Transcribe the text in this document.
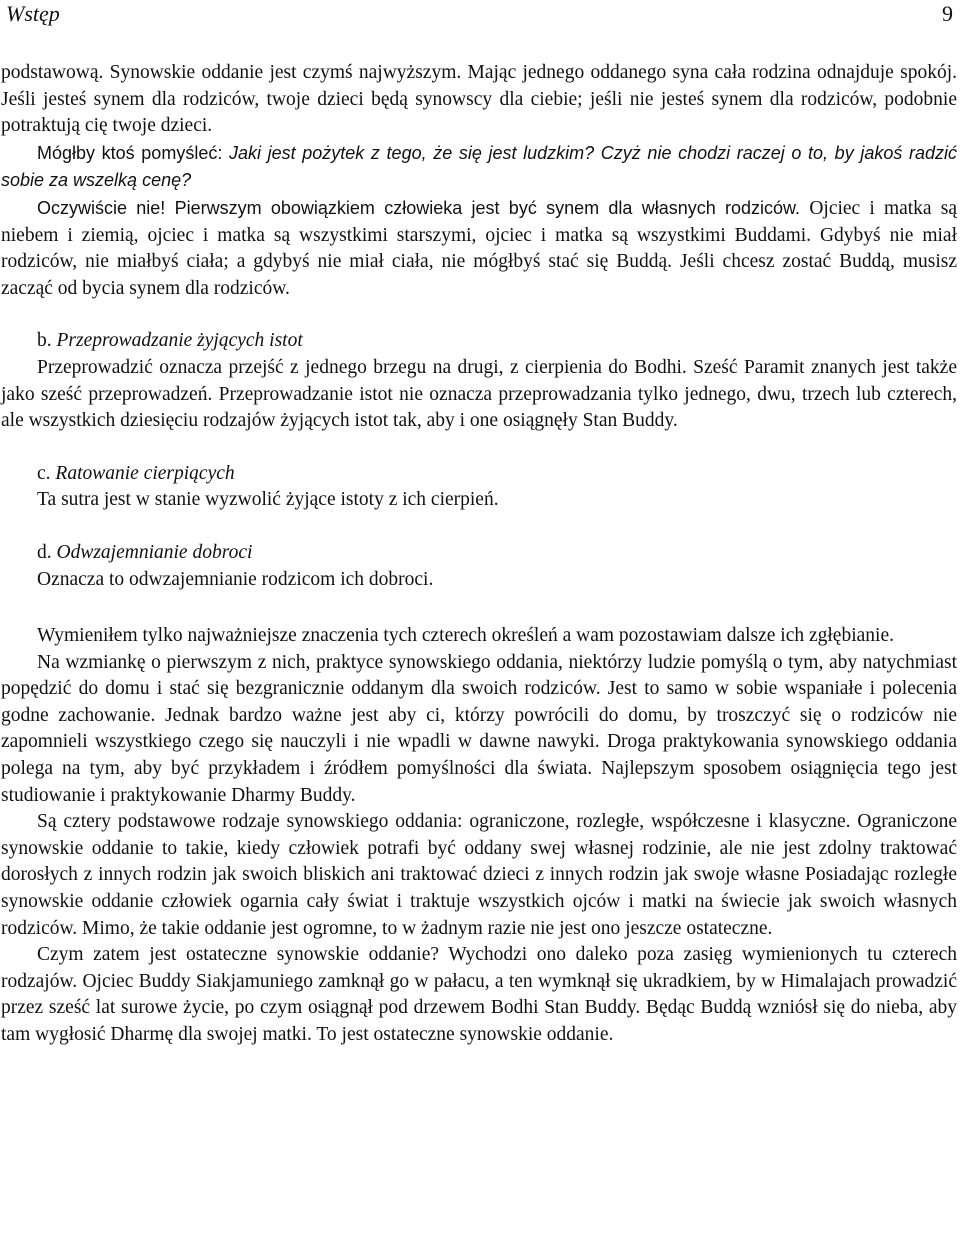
Wstęp	9

podstawową. Synowskie oddanie jest czymś najwyższym. Mając jednego oddanego syna cała rodzina odnajduje spokój. Jeśli jesteś synem dla rodziców, twoje dzieci będą synowscy dla ciebie; jeśli nie jesteś synem dla rodziców, podobnie potraktują cię twoje dzieci.

Mógłby ktoś pomyśleć: Jaki jest pożytek z tego, że się jest ludzkim? Czyż nie chodzi raczej o to, by jakoś radzić sobie za wszelką cenę?

Oczywiście nie! Pierwszym obowiązkiem człowieka jest być synem dla własnych rodziców. Ojciec i matka są niebem i ziemią, ojciec i matka są wszystkimi starszymi, ojciec i matka są wszystkimi Buddami. Gdybyś nie miał rodziców, nie miałbyś ciała; a gdybyś nie miał ciała, nie mógłbyś stać się Buddą. Jeśli chcesz zostać Buddą, musisz zacząć od bycia synem dla rodziców.

b. Przeprowadzanie żyjących istot

Przeprowadzić oznacza przejść z jednego brzegu na drugi, z cierpienia do Bodhi. Sześć Paramit znanych jest także jako sześć przeprowadzeń. Przeprowadzanie istot nie oznacza przeprowadzania tylko jednego, dwu, trzech lub czterech, ale wszystkich dziesięciu rodzajów żyjących istot tak, aby i one osiągnęły Stan Buddy.

c. Ratowanie cierpiących

Ta sutra jest w stanie wyzwolić żyjące istoty z ich cierpień.

d. Odwzajemnianie dobroci

Oznacza to odwzajemnianie rodzicom ich dobroci.

Wymieniłem tylko najważniejsze znaczenia tych czterech określeń a wam pozostawiam dalsze ich zgłębianie.

Na wzmiankę o pierwszym z nich, praktyce synowskiego oddania, niektórzy ludzie pomyślą o tym, aby natychmiast popędzić do domu i stać się bezgranicznie oddanym dla swoich rodziców. Jest to samo w sobie wspaniałe i polecenia godne zachowanie. Jednak bardzo ważne jest aby ci, którzy powrócili do domu, by troszczyć się o rodziców nie zapomnieli wszystkiego czego się nauczyli i nie wpadli w dawne nawyki. Droga praktykowania synowskiego oddania polega na tym, aby być przykładem i źródłem pomyślności dla świata. Najlepszym sposobem osiągnięcia tego jest studiowanie i praktykowanie Dharmy Buddy.

Są cztery podstawowe rodzaje synowskiego oddania: ograniczone, rozległe, współczesne i klasyczne. Ograniczone synowskie oddanie to takie, kiedy człowiek potrafi być oddany swej własnej rodzinie, ale nie jest zdolny traktować dorosłych z innych rodzin jak swoich bliskich ani traktować dzieci z innych rodzin jak swoje własne Posiadając rozległe synowskie oddanie człowiek ogarnia cały świat i traktuje wszystkich ojców i matki na świecie jak swoich własnych rodziców. Mimo, że takie oddanie jest ogromne, to w żadnym razie nie jest ono jeszcze ostateczne.

Czym zatem jest ostateczne synowskie oddanie? Wychodzi ono daleko poza zasięg wymienionych tu czterech rodzajów. Ojciec Buddy Siakjamuniego zamknął go w pałacu, a ten wymknął się ukradkiem, by w Himalajach prowadzić przez sześć lat surowe życie, po czym osiągnął pod drzewem Bodhi Stan Buddy. Będąc Buddą wzniósł się do nieba, aby tam wygłosić Dharmę dla swojej matki. To jest ostateczne synowskie oddanie.
